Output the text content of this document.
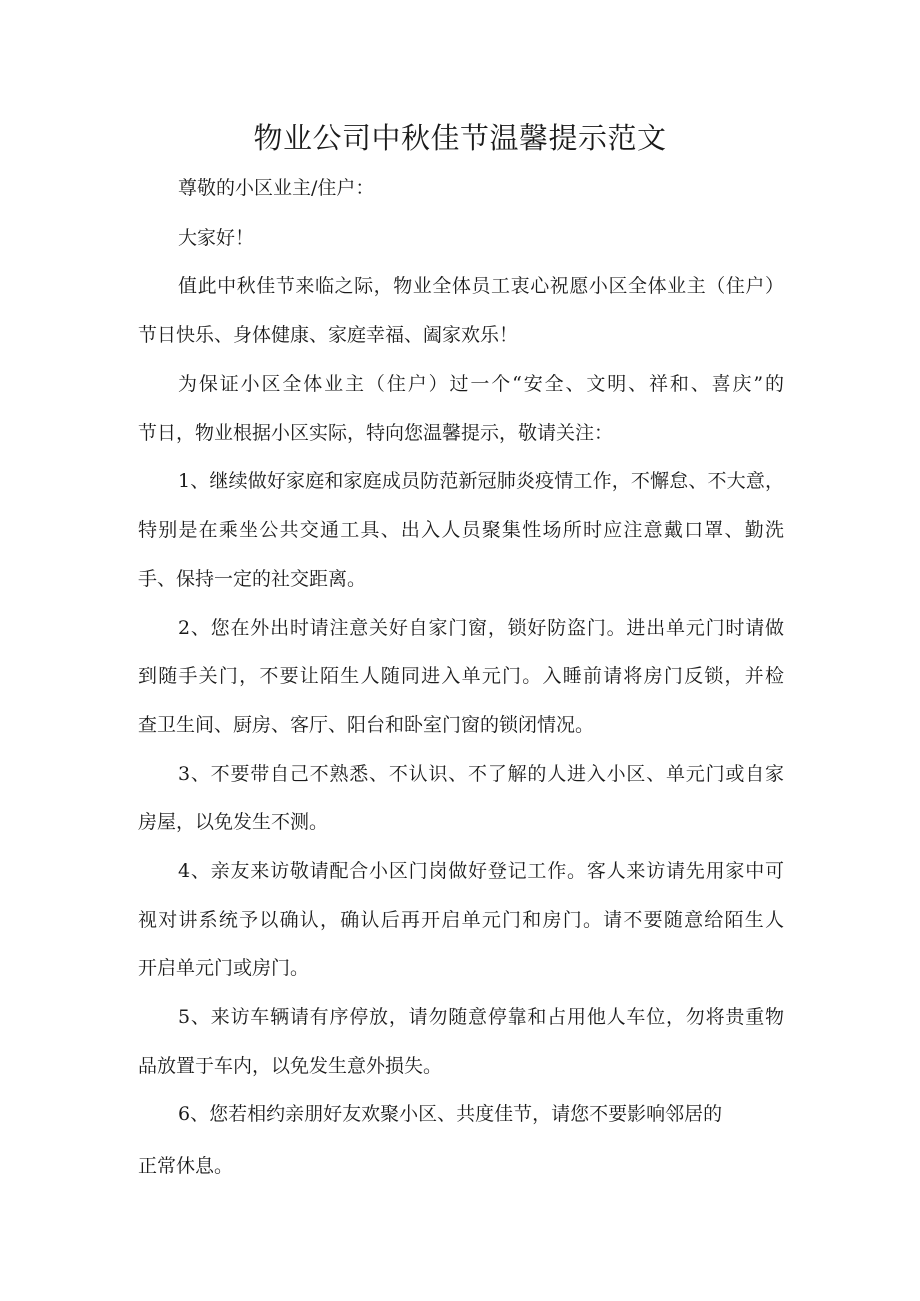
物业公司中秋佳节温馨提示范文

尊敬的小区业主/住户：

大家好！

值此中秋佳节来临之际，物业全体员工衷心祝愿小区全体业主（住户）

节日快乐、身体健康、家庭幸福、阖家欢乐！

为保证小区全体业主（住户）过一个“安全、文明、祥和、喜庆”的

节日，物业根据小区实际，特向您温馨提示，敬请关注：

1、继续做好家庭和家庭成员防范新冠肺炎疫情工作，不懈怠、不大意，

特别是在乘坐公共交通工具、出入人员聚集性场所时应注意戴口罩、勤洗

手、保持一定的社交距离。

2、您在外出时请注意关好自家门窗，锁好防盗门。进出单元门时请做

到随手关门，不要让陌生人随同进入单元门。入睡前请将房门反锁，并检

查卫生间、厨房、客厅、阳台和卧室门窗的锁闭情况。

3、不要带自己不熟悉、不认识、不了解的人进入小区、单元门或自家

房屋，以免发生不测。

4、亲友来访敬请配合小区门岗做好登记工作。客人来访请先用家中可

视对讲系统予以确认，确认后再开启单元门和房门。请不要随意给陌生人

开启单元门或房门。

5、来访车辆请有序停放，请勿随意停靠和占用他人车位，勿将贵重物

品放置于车内，以免发生意外损失。

6、您若相约亲朋好友欢聚小区、共度佳节，请您不要影响邻居的

正常休息。
